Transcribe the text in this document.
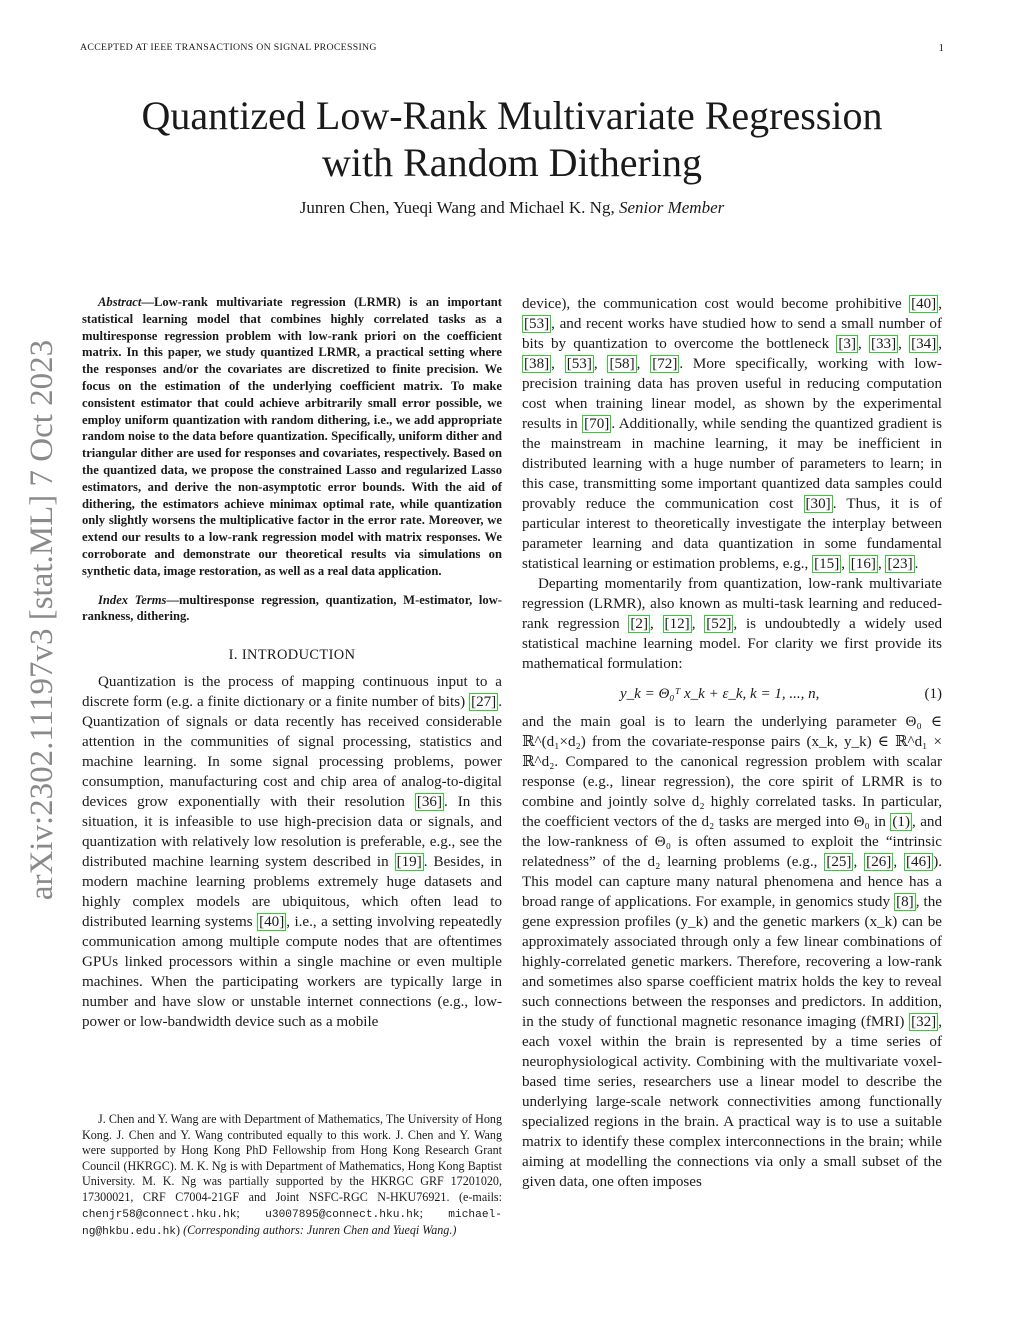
ACCEPTED AT IEEE TRANSACTIONS ON SIGNAL PROCESSING	1
Quantized Low-Rank Multivariate Regression
with Random Dithering
Junren Chen, Yueqi Wang and Michael K. Ng, Senior Member
arXiv:2302.11197v3 [stat.ML] 7 Oct 2023
Abstract—Low-rank multivariate regression (LRMR) is an important statistical learning model that combines highly correlated tasks as a multiresponse regression problem with low-rank priori on the coefficient matrix. In this paper, we study quantized LRMR, a practical setting where the responses and/or the covariates are discretized to finite precision. We focus on the estimation of the underlying coefficient matrix. To make consistent estimator that could achieve arbitrarily small error possible, we employ uniform quantization with random dithering, i.e., we add appropriate random noise to the data before quantization. Specifically, uniform dither and triangular dither are used for responses and covariates, respectively. Based on the quantized data, we propose the constrained Lasso and regularized Lasso estimators, and derive the non-asymptotic error bounds. With the aid of dithering, the estimators achieve minimax optimal rate, while quantization only slightly worsens the multiplicative factor in the error rate. Moreover, we extend our results to a low-rank regression model with matrix responses. We corroborate and demonstrate our theoretical results via simulations on synthetic data, image restoration, as well as a real data application.
Index Terms—multiresponse regression, quantization, M-estimator, low-rankness, dithering.
I. INTRODUCTION

Quantization is the process of mapping continuous input to a discrete form (e.g. a finite dictionary or a finite number of bits) [27] . Quantization of signals or data recently has received considerable attention in the communities of signal processing, statistics and machine learning. In some signal processing problems, power consumption, manufacturing cost and chip area of analog-to-digital devices grow exponentially with their resolution [36] . In this situation, it is infeasible to use high-precision data or signals, and quantization with relatively low resolution is preferable, e.g., see the distributed machine learning system described in [19] . Besides, in modern machine learning problems extremely huge datasets and highly complex models are ubiquitous, which often lead to distributed learning systems [40] , i.e., a setting involving repeatedly communication among multiple compute nodes that are oftentimes GPUs linked processors within a single machine or even multiple machines. When the participating workers are typically large in number and have slow or unstable internet connections (e.g., low-power or low-bandwidth device such as a mobile

J. Chen and Y. Wang are with Department of Mathematics, The University of Hong Kong. J. Chen and Y. Wang contributed equally to this work. J. Chen and Y. Wang were supported by Hong Kong PhD Fellowship from Hong Kong Research Grant Council (HKRGC). M. K. Ng is with Department of Mathematics, Hong Kong Baptist University. M. K. Ng was partially supported by the HKRGC GRF 17201020, 17300021, CRF C7004-21GF and Joint NSFC-RGC N-HKU76921. (e-mails: chenjr58@connect.hku.hk; u3007895@connect.hku.hk; michael-ng@hkbu.edu.hk) (Corresponding authors: Junren Chen and Yueqi Wang.)

device), the communication cost would become prohibitive [40] , [53] , and recent works have studied how to send a small number of bits by quantization to overcome the bottleneck [3] , [33] , [34] , [38] , [53] , [58] , [72] . More specifically, working with low-precision training data has proven useful in reducing computation cost when training linear model, as shown by the experimental results in [70] . Additionally, while sending the quantized gradient is the mainstream in machine learning, it may be inefficient in distributed learning with a huge number of parameters to learn; in this case, transmitting some important quantized data samples could provably reduce the communication cost [30] . Thus, it is of particular interest to theoretically investigate the interplay between parameter learning and data quantization in some fundamental statistical learning or estimation problems, e.g., [15] , [16] , [23] .

Departing momentarily from quantization, low-rank multivariate regression (LRMR), also known as multi-task learning and reduced-rank regression [2] , [12] , [52] , is undoubtedly a widely used statistical machine learning model. For clarity we first provide its mathematical formulation:

y_k = Θ₀ᵀ x_k + ε_k, k = 1, ..., n,	(1)

and the main goal is to learn the underlying parameter Θ₀ ∈ ℝ^(d₁×d₂) from the covariate-response pairs (x_k, y_k) ∈ ℝ^d₁ × ℝ^d₂. Compared to the canonical regression problem with scalar response (e.g., linear regression), the core spirit of LRMR is to combine and jointly solve d₂ highly correlated tasks. In particular, the coefficient vectors of the d₂ tasks are merged into Θ₀ in (1) , and the low-rankness of Θ₀ is often assumed to exploit the “intrinsic relatedness” of the d₂ learning problems (e.g., [25] , [26] , [46] ). This model can capture many natural phenomena and hence has a broad range of applications. For example, in genomics study [8] , the gene expression profiles (y_k) and the genetic markers (x_k) can be approximately associated through only a few linear combinations of highly-correlated genetic markers. Therefore, recovering a low-rank and sometimes also sparse coefficient matrix holds the key to reveal such connections between the responses and predictors. In addition, in the study of functional magnetic resonance imaging (fMRI) [32] , each voxel within the brain is represented by a time series of neurophysiological activity. Combining with the multivariate voxel-based time series, researchers use a linear model to describe the underlying large-scale network connectivities among functionally specialized regions in the brain. A practical way is to use a suitable matrix to identify these complex interconnections in the brain; while aiming at modelling the connections via only a small subset of the given data, one often imposes
